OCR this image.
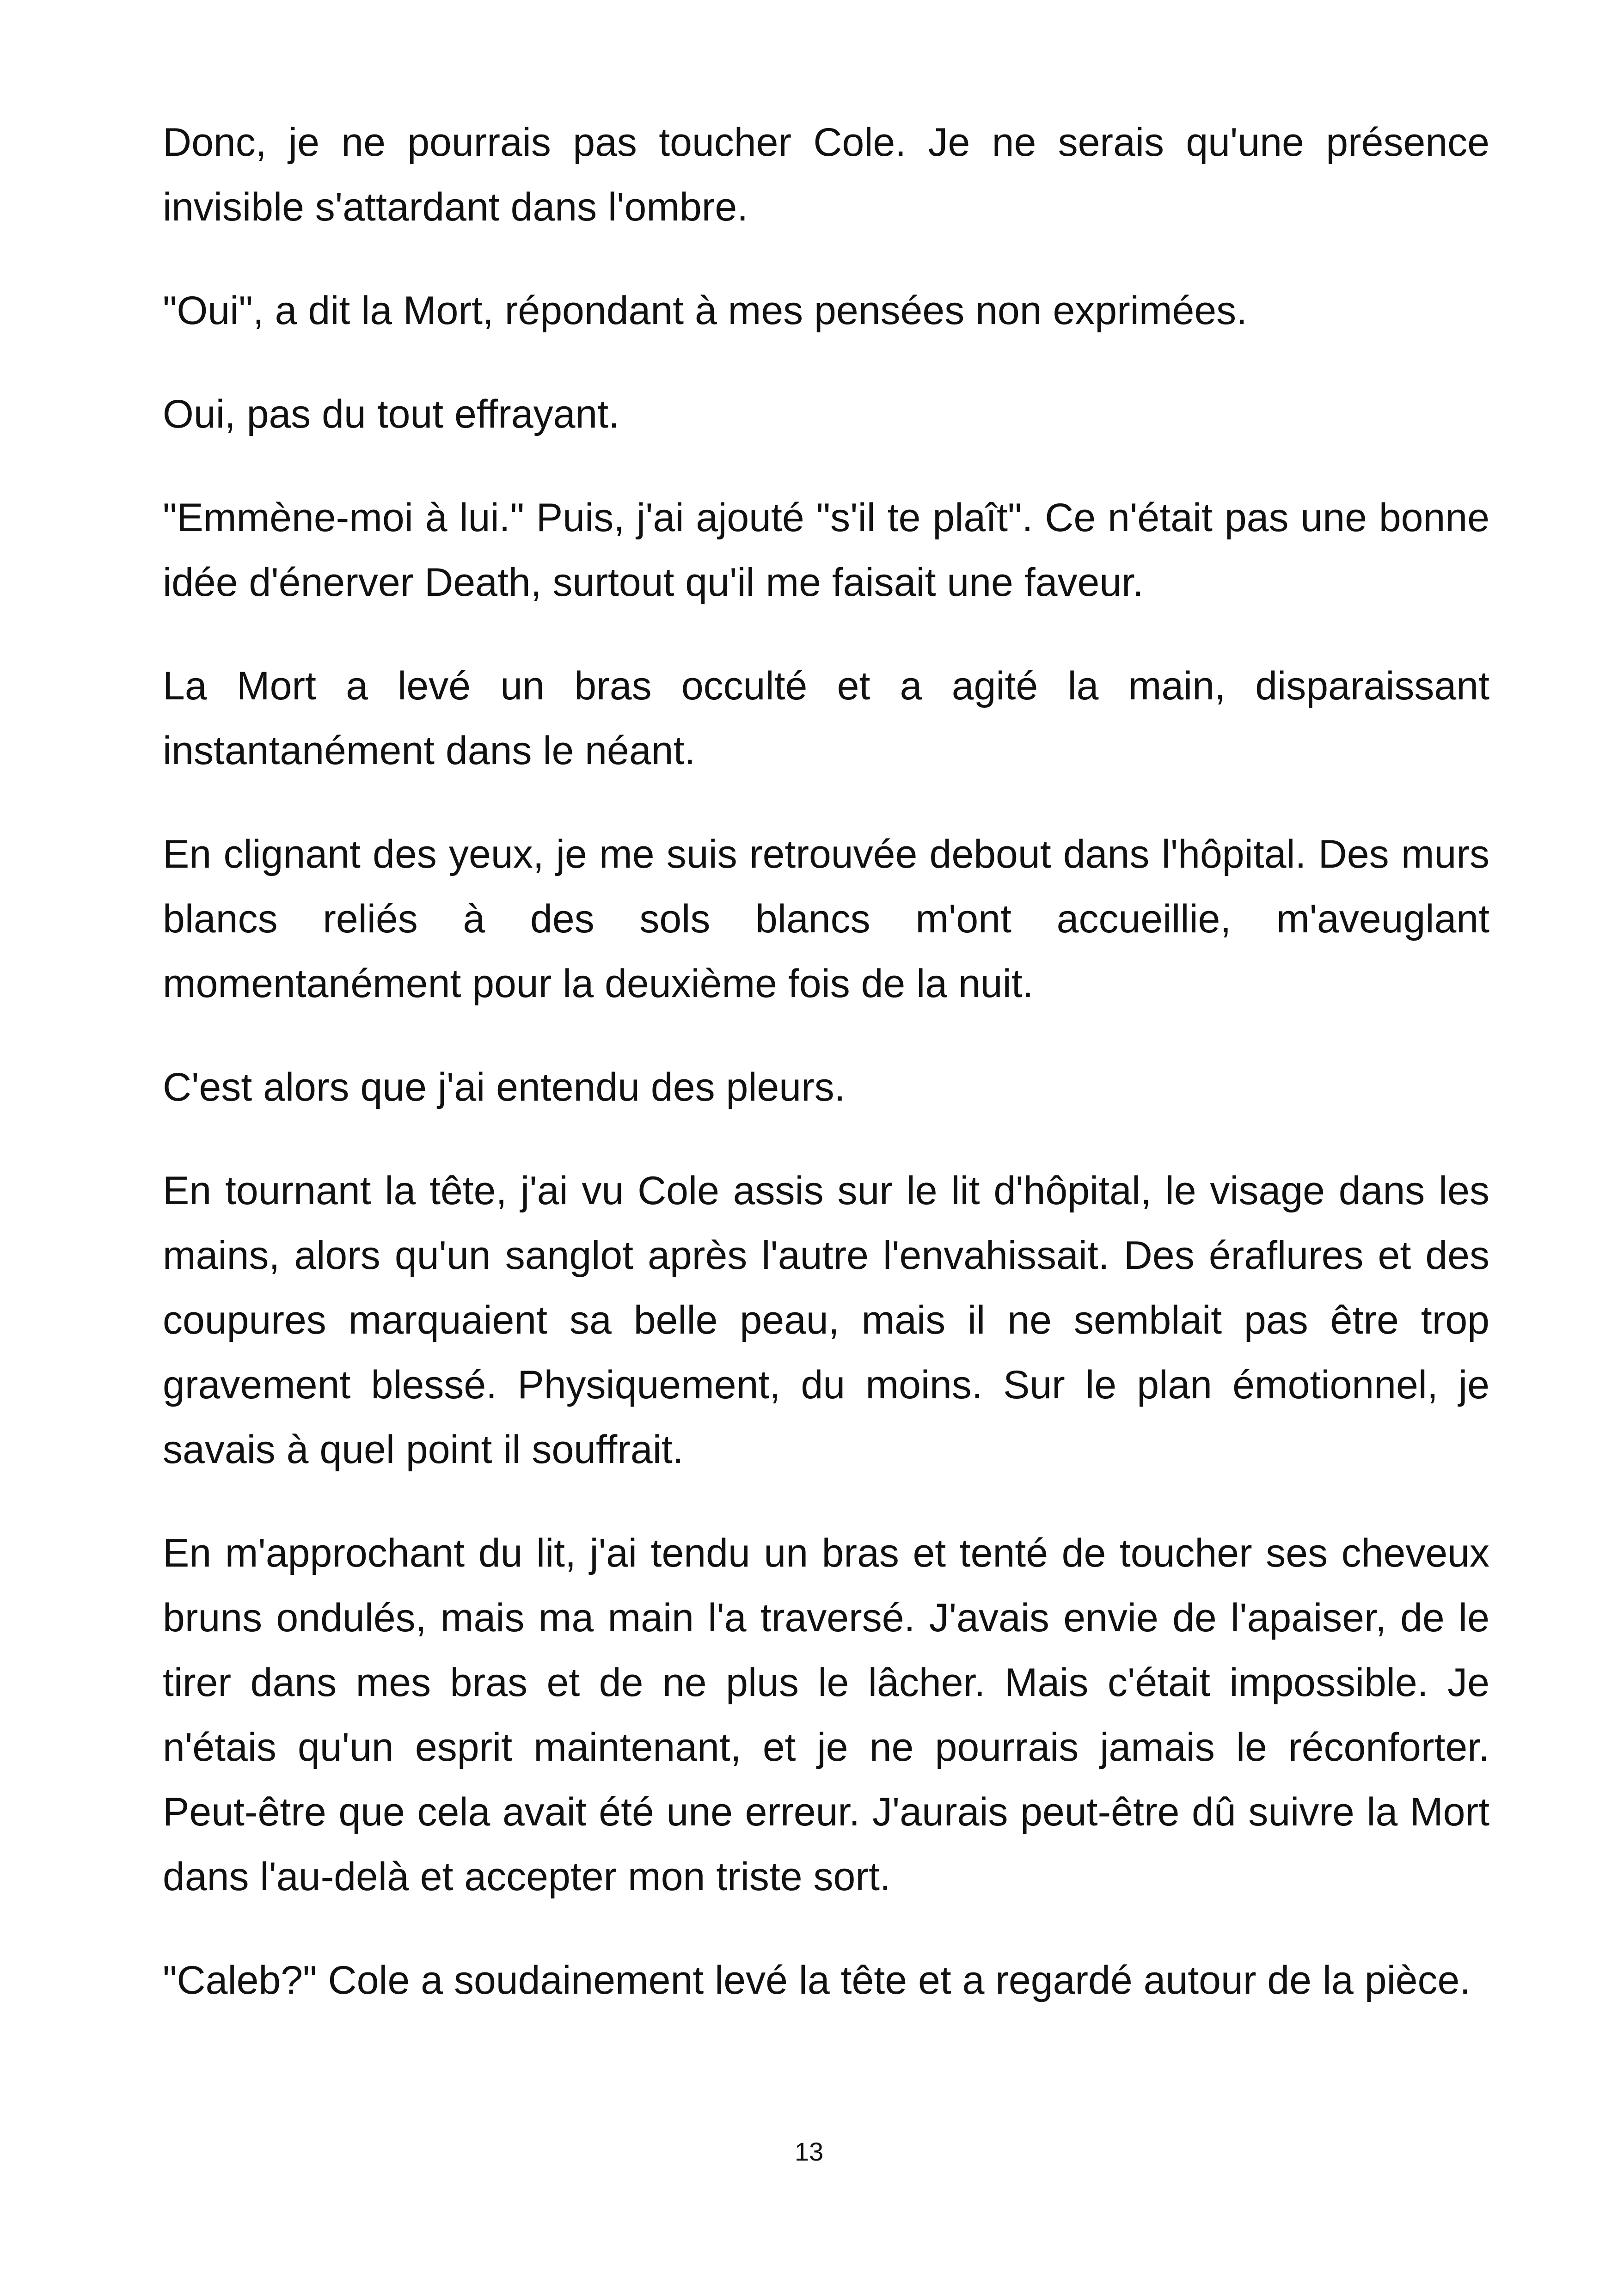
Donc, je ne pourrais pas toucher Cole. Je ne serais qu'une présence invisible s'attardant dans l'ombre.

"Oui", a dit la Mort, répondant à mes pensées non exprimées.

Oui, pas du tout effrayant.

"Emmène-moi à lui." Puis, j'ai ajouté "s'il te plaît". Ce n'était pas une bonne idée d'énerver Death, surtout qu'il me faisait une faveur.

La Mort a levé un bras occulté et a agité la main, disparaissant instantanément dans le néant.

En clignant des yeux, je me suis retrouvée debout dans l'hôpital. Des murs blancs reliés à des sols blancs m'ont accueillie, m'aveuglant momentanément pour la deuxième fois de la nuit.

C'est alors que j'ai entendu des pleurs.

En tournant la tête, j'ai vu Cole assis sur le lit d'hôpital, le visage dans les mains, alors qu'un sanglot après l'autre l'envahissait. Des éraflures et des coupures marquaient sa belle peau, mais il ne semblait pas être trop gravement blessé. Physiquement, du moins. Sur le plan émotionnel, je savais à quel point il souffrait.

En m'approchant du lit, j'ai tendu un bras et tenté de toucher ses cheveux bruns ondulés, mais ma main l'a traversé. J'avais envie de l'apaiser, de le tirer dans mes bras et de ne plus le lâcher. Mais c'était impossible. Je n'étais qu'un esprit maintenant, et je ne pourrais jamais le réconforter. Peut-être que cela avait été une erreur. J'aurais peut-être dû suivre la Mort dans l'au-delà et accepter mon triste sort.

"Caleb?" Cole a soudainement levé la tête et a regardé autour de la pièce.

13
